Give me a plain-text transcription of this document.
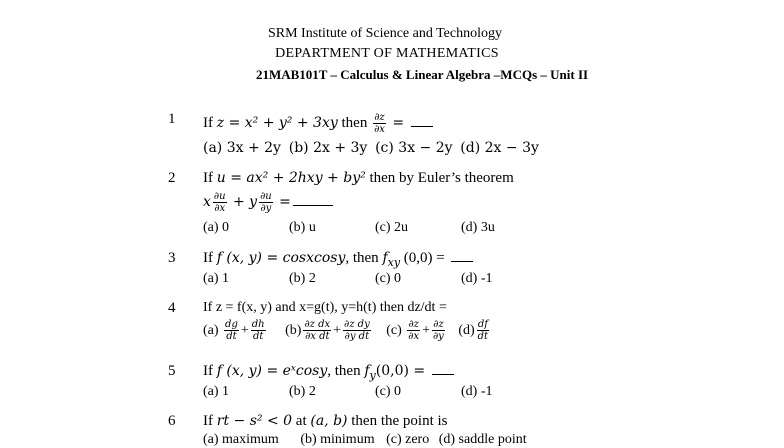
SRM Institute of Science and Technology
DEPARTMENT OF MATHEMATICS
21MAB101T – Calculus & Linear Algebra –MCQs – Unit II
1 If z = x² + y² + 3xy then $\frac{\partial z}{\partial x}$ =
(a) 3x + 2y (b) 2x + 3y (c) 3x − 2y (d) 2x − 3y
2 If u = ax² + 2hxy + by² then by Euler’s theorem
x $\frac{\partial u}{\partial x} + y \frac{\partial u}{\partial y}$ =
(a) 0	(b) u	(c) 2u	(d) 3u
3 If f (x, y) = cosxcosy, then $f_{xy}$ (0,0) =
(a) 1	(b) 2	(c) 0	(d) -1
4 If z = f(x, y) and x=g(t), y=h(t) then dz/dt =
$(a) \frac{dg}{dt} + \frac{dh}{dt} (b) \frac{\text{∂z dx}}{\text{∂x dt}} + \frac{\text{∂z dy}}{\text{∂y dt}} (c) \frac{\partial z}{\partial x} + \frac{\partial z}{\partial y} (d) \frac{df}{dt}$
5 If f (x, y) = eˣcosy, then $f_y(0,0)$ =
(a) 1	(b) 2	(c) 0	(d) -1
6 If rt − s² < 0 at (a, b) then the point is
(a) maximum (b) minimum (c) zero (d) saddle point
